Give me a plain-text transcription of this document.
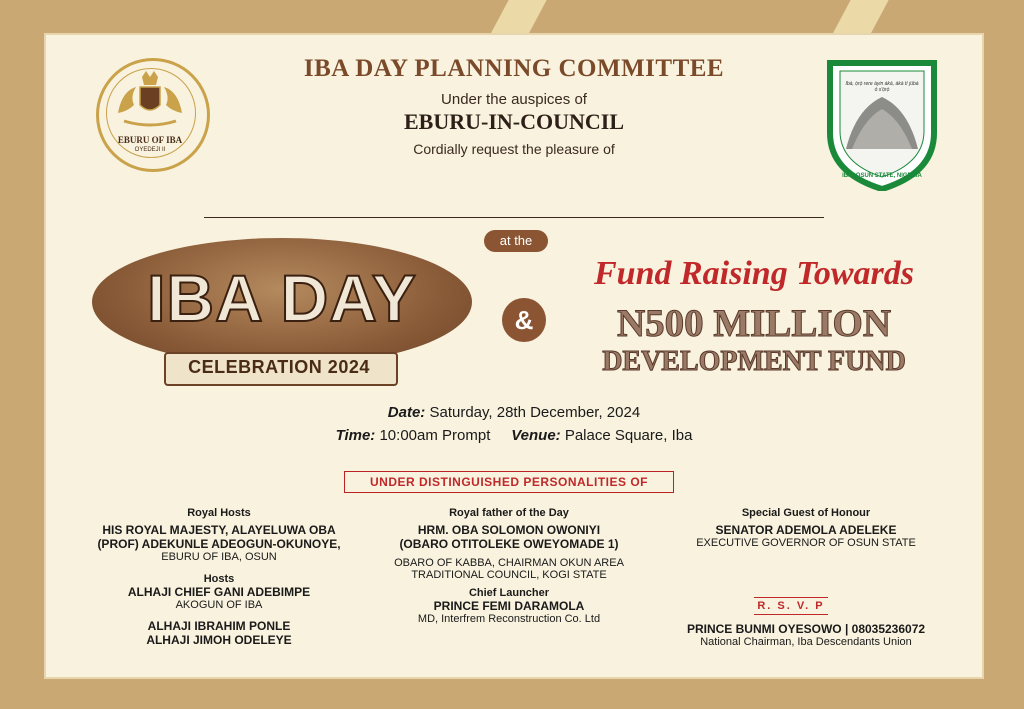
EBURU OF IBA
OYEDEJI II
IBA DESCENDANTS UNION
Ibà, ọ̀rọ̀ rere àyin àkà, àkà tí júbà ó s'ọ̀rọ̀
IBA, OSUN STATE, NIGERIA
IBA DAY PLANNING COMMITTEE
Under the auspices of
EBURU-IN-COUNCIL
Cordially request the pleasure of
at the
IBA DAY
CELEBRATION 2024
&
Fund Raising Towards
N500 MILLION
DEVELOPMENT FUND
Date: Saturday, 28th December, 2024
Time: 10:00am Prompt Venue: Palace Square, Iba
UNDER DISTINGUISHED PERSONALITIES OF
Royal Hosts
HIS ROYAL MAJESTY, ALAYELUWA OBA
(PROF) ADEKUNLE ADEOGUN-OKUNOYE,
EBURU OF IBA, OSUN
Hosts
ALHAJI CHIEF GANI ADEBIMPE
AKOGUN OF IBA
ALHAJI IBRAHIM PONLE
ALHAJI JIMOH ODELEYE
Royal father of the Day
HRM. OBA SOLOMON OWONIYI
(OBARO OTITOLEKE OWEYOMADE 1)
OBARO OF KABBA, CHAIRMAN OKUN AREA
TRADITIONAL COUNCIL, KOGI STATE
Chief Launcher
PRINCE FEMI DARAMOLA
MD, Interfrem Reconstruction Co. Ltd
Special Guest of Honour
SENATOR ADEMOLA ADELEKE
EXECUTIVE GOVERNOR OF OSUN STATE
R. S. V. P
PRINCE BUNMI OYESOWO | 08035236072
National Chairman, Iba Descendants Union
